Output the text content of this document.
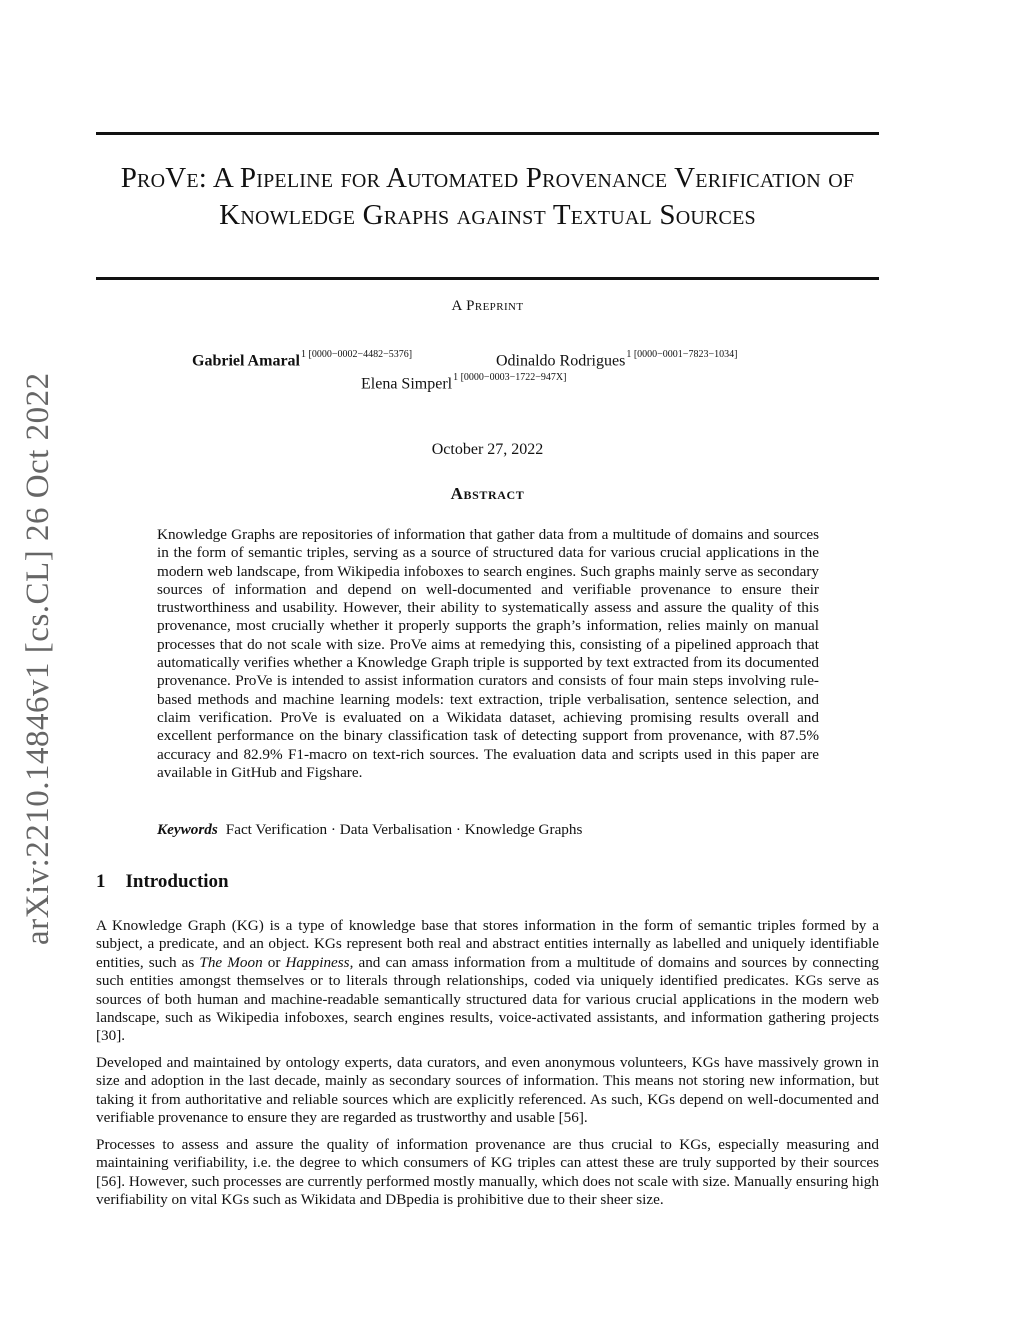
arXiv:2210.14846v1 [cs.CL] 26 Oct 2022
ProVe: A Pipeline for Automated Provenance Verification of Knowledge Graphs against Textual Sources
A Preprint
Gabriel Amaral$^{1 [0000-0002-4482-5376]}$	Odinaldo Rodrigues$^{1 [0000-0001-7823-1034]}$
Elena Simperl$^{1 [0000-0003-1722-947X]}$
October 27, 2022
Abstract
Knowledge Graphs are repositories of information that gather data from a multitude of domains and sources in the form of semantic triples, serving as a source of structured data for various crucial applications in the modern web landscape, from Wikipedia infoboxes to search engines. Such graphs mainly serve as secondary sources of information and depend on well-documented and verifiable provenance to ensure their trustworthiness and usability. However, their ability to systematically assess and assure the quality of this provenance, most crucially whether it properly supports the graph’s information, relies mainly on manual processes that do not scale with size. ProVe aims at remedying this, consisting of a pipelined approach that automatically verifies whether a Knowledge Graph triple is supported by text extracted from its documented provenance. ProVe is intended to assist information curators and consists of four main steps involving rule-based methods and machine learning models: text extraction, triple verbalisation, sentence selection, and claim verification. ProVe is evaluated on a Wikidata dataset, achieving promising results overall and excellent performance on the binary classification task of detecting support from provenance, with 87.5% accuracy and 82.9% F1-macro on text-rich sources. The evaluation data and scripts used in this paper are available in GitHub and Figshare.
Keywords Fact Verification · Data Verbalisation · Knowledge Graphs
1 Introduction
A Knowledge Graph (KG) is a type of knowledge base that stores information in the form of semantic triples formed by a subject, a predicate, and an object. KGs represent both real and abstract entities internally as labelled and uniquely identifiable entities, such as The Moon or Happiness, and can amass information from a multitude of domains and sources by connecting such entities amongst themselves or to literals through relationships, coded via uniquely identified predicates. KGs serve as sources of both human and machine-readable semantically structured data for various crucial applications in the modern web landscape, such as Wikipedia infoboxes, search engines results, voice-activated assistants, and information gathering projects [30].
Developed and maintained by ontology experts, data curators, and even anonymous volunteers, KGs have massively grown in size and adoption in the last decade, mainly as secondary sources of information. This means not storing new information, but taking it from authoritative and reliable sources which are explicitly referenced. As such, KGs depend on well-documented and verifiable provenance to ensure they are regarded as trustworthy and usable [56].
Processes to assess and assure the quality of information provenance are thus crucial to KGs, especially measuring and maintaining verifiability, i.e. the degree to which consumers of KG triples can attest these are truly supported by their sources [56]. However, such processes are currently performed mostly manually, which does not scale with size. Manually ensuring high verifiability on vital KGs such as Wikidata and DBpedia is prohibitive due to their sheer size.
